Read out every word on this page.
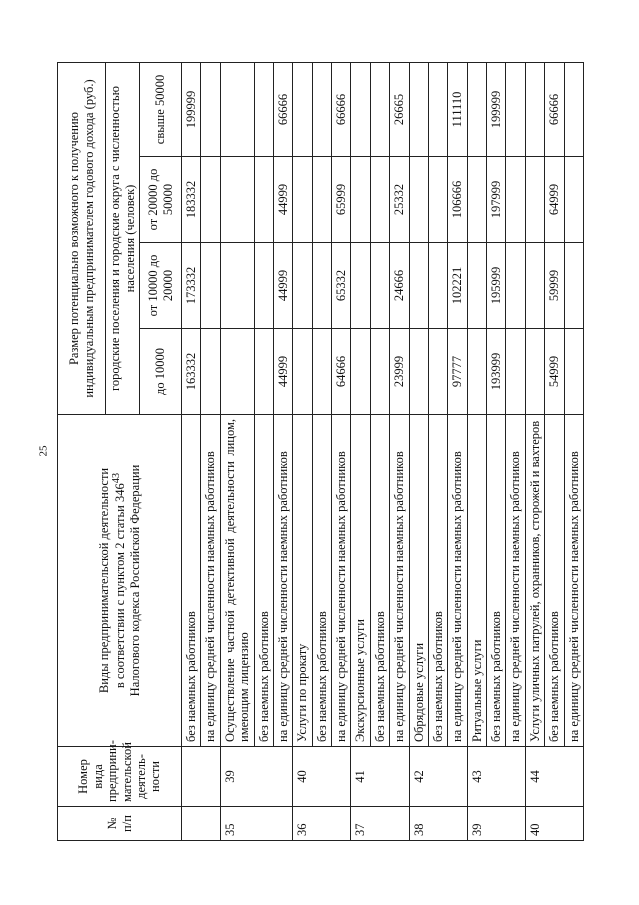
25
№ п/п	Номер вида предприни-мательской деятель-ности	Виды предпринимательской деятельности в соответствии с пунктом 2 статьи $346^{43}$ Налогового кодекса Российской Федерации	Размер потенциально возможного к получению индивидуальным предпринимателем годового дохода (руб.)			
			городские поселения и городские округа с численностью населения (человек)			
			до 10000	от 10000 до 20000	от 20000 до 50000	свыше 50000
		без наемных работников	163332	173332	183332	199999
		на единицу средней численности наемных работников				
35	39	Осуществление частной детективной деятельности лицом, имеющим лицензию				
		без наемных работников				
		на единицу средней численности наемных работников	44999	44999	44999	66666
36	40	Услуги по прокату				
		без наемных работников				
		на единицу средней численности наемных работников	64666	65332	65999	66666
37	41	Экскурсионные услуги				
		без наемных работников				
		на единицу средней численности наемных работников	23999	24666	25332	26665
38	42	Обрядовые услуги				
		без наемных работников				
		на единицу средней численности наемных работников	97777	102221	106666	111110
39	43	Ритуальные услуги				
		без наемных работников	193999	195999	197999	199999
		на единицу средней численности наемных работников				
40	44	Услуги уличных патрулей, охранников, сторожей и вахтеров				
		без наемных работников	54999	59999	64999	66666
		на единицу средней численности наемных работников				
